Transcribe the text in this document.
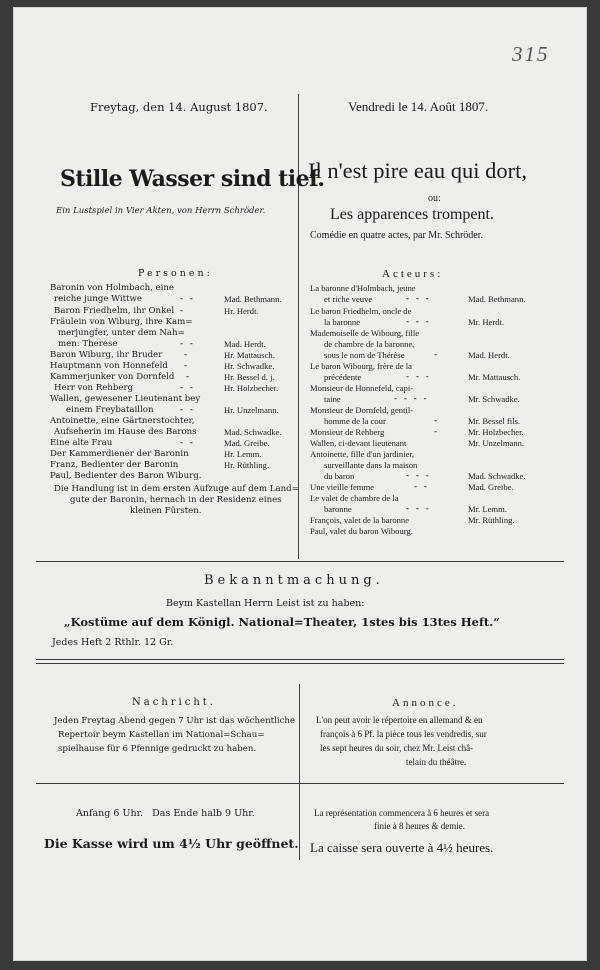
315
Freytag, den 14. August 1807.	Vendredi le 14. Août 1807.
Stille Wasser sind tief.
Ein Lustspiel in Vier Akten, von Herrn Schröder.
Il n'est pire eau qui dort,
ou:
Les apparences trompent.
Comédie en quatre actes, par Mr. Schröder.
Personen:	Acteurs:
Baronin von Holmbach, eine
reiche junge Wittwe
Baron Friedhelm, ihr Onkel
Fräulein von Wiburg, ihre Kam=
merjungfer, unter dem Nah=
men: Therese
Baron Wiburg, ihr Bruder
Hauptmann von Honnefeld
Kammerjunker von Dornfeld
Herr von Rehberg
Wallen, gewesener Lieutenant bey
einem Freybataillon
Antoinette, eine Gärtnerstochter,
Aufseherin im Hause des Barons
Eine alte Frau
Der Kammerdiener der Baronin
Franz, Bedienter der Baronin
Paul, Bedienter des Baron Wiburg.
- -
-
- -
-
-
-
- -
- -
- -
Mad. Bethmann.
Hr. Herdt.
Mad. Herdt.
Hr. Mattausch.
Hr. Schwadke.
Hr. Bessel d. j.
Hr. Holzbecher.
Hr. Unzelmann.
Mad. Schwadke.
Mad. Greibe.
Hr. Lemm.
Hr. Rüthling.
Die Handlung ist in dem ersten Aufzuge auf dem Land=
gute der Baronin, hernach in der Residenz eines
kleinen Fürsten.
La baronne d'Holmbach, jeune
et riche veuve
Le baron Friedhelm, oncle de
la baronne
Mademoiselle de Wibourg, fille
de chambre de la baronne,
sous le nom de Thérèse
Le baron Wibourg, frère de la
précédente
Monsieur de Honnefeld, capi-
taine
Monsieur de Dornfeld, gentil-
homme de la cour
Monsieur de Rehberg
Wallen, ci-devant lieutenant
Antoinette, fille d'un jardinier,
surveillante dans la maison
du baron
Une vieille femme
Le valet de chambre de la
baronne
François, valet de la baronne
Paul, valet du baron Wibourg.
- - -
- - -
-
- - -
- - - -
-
-
- - -
- -
- - -
Mad. Bethmann.
Mr. Herdt.
Mad. Herdt.
Mr. Mattausch.
Mr. Schwadke.
Mr. Bessel fils.
Mr. Holzbecher.
Mr. Unzelmann.
Mad. Schwadke.
Mad. Greibe.
Mr. Lemm.
Mr. Rüthling.
Bekanntmachung.
Beym Kastellan Herrn Leist ist zu haben:
„Kostüme auf dem Königl. National=Theater, 1stes bis 13tes Heft.“
Jedes Heft 2 Rthlr. 12 Gr.
Nachricht.
Jeden Freytag Abend gegen 7 Uhr ist das wöchentliche
Repertoir beym Kastellan im National=Schau=
spielhause für 6 Pfennige gedruckt zu haben.
Annonce.
L'on peut avoir le répertoire en allemand & en
françois à 6 Pf. la pièce tous les vendredis, sur
les sept heures du soir, chez Mr. Leist châ-
telain du théâtre.
Anfang 6 Uhr.   Das Ende halb 9 Uhr.
Die Kasse wird um 4½ Uhr geöffnet.
La représentation commencera à 6 heures et sera
finie à 8 heures & demie.
La caisse sera ouverte à 4½ heures.
